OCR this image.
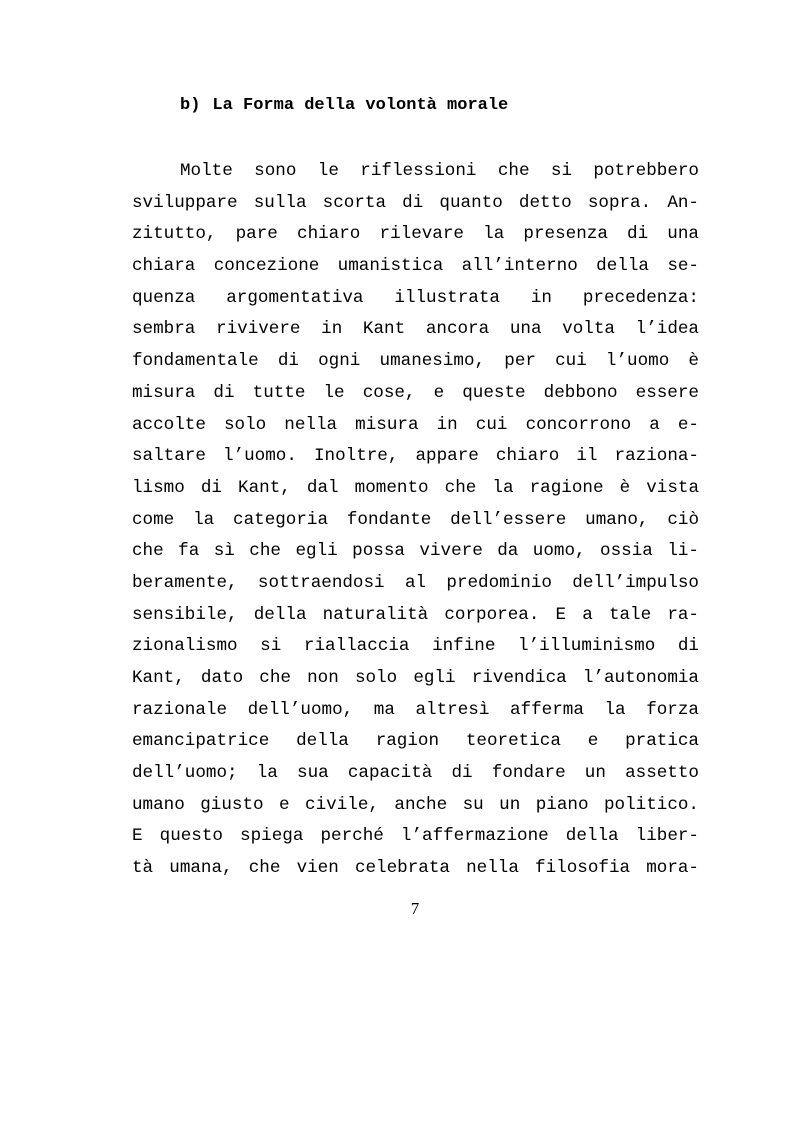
b) La Forma della volontà morale
Molte sono le riflessioni che si potrebbero
sviluppare sulla scorta di quanto detto sopra. An-
zitutto, pare chiaro rilevare la presenza di una
chiara concezione umanistica all’interno della se-
quenza argomentativa illustrata in precedenza:
sembra rivivere in Kant ancora una volta l’idea
fondamentale di ogni umanesimo, per cui l’uomo è
misura di tutte le cose, e queste debbono essere
accolte solo nella misura in cui concorrono a e-
saltare l’uomo. Inoltre, appare chiaro il raziona-
lismo di Kant, dal momento che la ragione è vista
come la categoria fondante dell’essere umano, ciò
che fa sì che egli possa vivere da uomo, ossia li-
beramente, sottraendosi al predominio dell’impulso
sensibile, della naturalità corporea. E a tale ra-
zionalismo si riallaccia infine l’illuminismo di
Kant, dato che non solo egli rivendica l’autonomia
razionale dell’uomo, ma altresì afferma la forza
emancipatrice della ragion teoretica e pratica
dell’uomo; la sua capacità di fondare un assetto
umano giusto e civile, anche su un piano politico.
E questo spiega perché l’affermazione della liber-
tà umana, che vien celebrata nella filosofia mora-
7
